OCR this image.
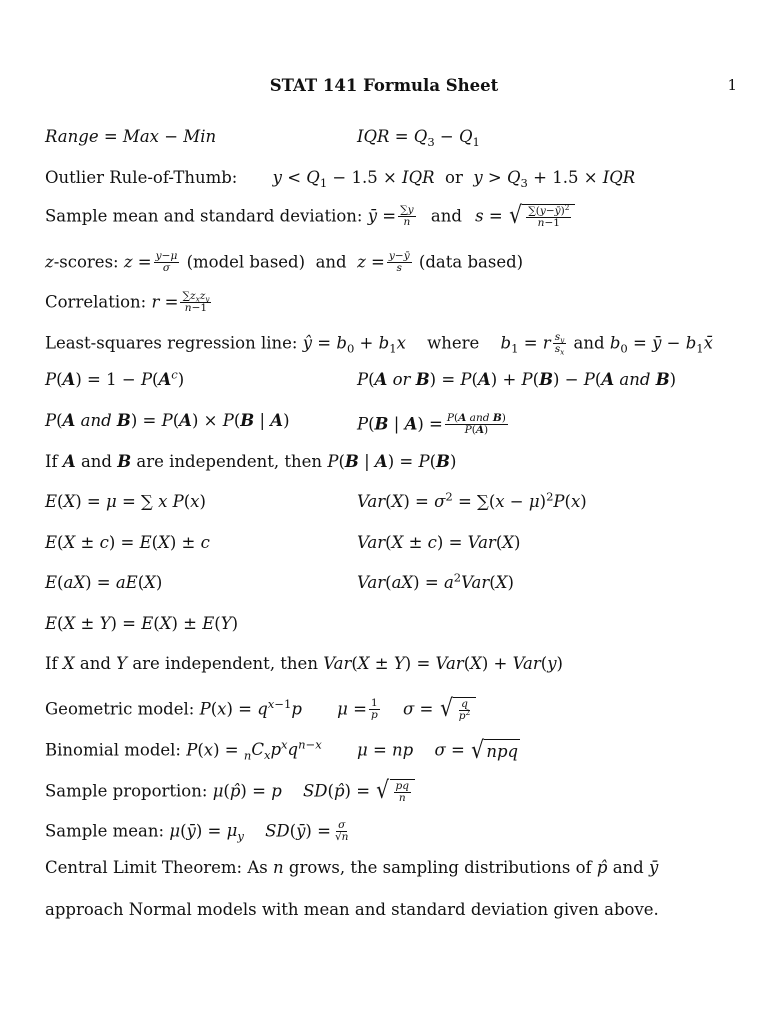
STAT 141 Formula Sheet	1
Range = Max − Min	IQR = $Q_3 - Q_1$
Outlier Rule-of-Thumb: $y < Q_1 - 1.5$ × IQR or $y > Q_3 + 1.5$ × IQR
Sample mean and standard deviation: ȳ = $\frac{\sum y}{n}$ and s = √ $\frac{\sum(y-ȳ)^2}{n-1}$
z-scores: $z = \frac{y-\mu}{\sigma}$ (model based) and $z = \frac{y-ȳ}{s}$ (data based)
Correlation: $r = \frac{\sum z_xz_y}{n-1}$
Least-squares regression line: ŷ = $b_0 + b_1x$ where $b_1 = r \frac{s_y}{s_x}$ and $b_0$ = ȳ − $b_1x̄$
$P(A) = 1 - P(A^c)$	P(A or B) = P(A) + P(B) − P(A and B)
P(A and B) = P(A) × P(B | A)	P(B | $A) = \frac{\text{P(A and B)}}{P(A)}$
If A and B are independent, then P(B | A) = P(B)
E(X) = μ = ∑ x P(x)	$Var(X) = \sigma^2 = \sum(x - \mu)^2P(x)$
E(X ± c) = E(X) ± c	Var(X ± c) = Var(X)
E(aX) = aE(X)	$Var(aX) = a^2Var(X)$
E(X ± Y) = E(X) ± E(Y)
If X and Y are independent, then Var(X ± Y) = Var(X) + Var(y)
Geometric model: $P(x) = q^{x-1}p$ $\mu = \frac{1}{p}$ σ = √ $\frac{q}{p^2}$
Binomial model: $P(x) = _nC_xp^xq^{n-x}$ μ = np σ = √ npq
Sample proportion: μ(p̂) = p SD(p̂) = √ $\frac{pq}{n}$
Sample mean: μ(ȳ) = $\mu_y$ SD(ȳ) = $\frac{\sigma}{√n}$
Central Limit Theorem: As n grows, the sampling distributions of p̂ and ȳ
approach Normal models with mean and standard deviation given above.
